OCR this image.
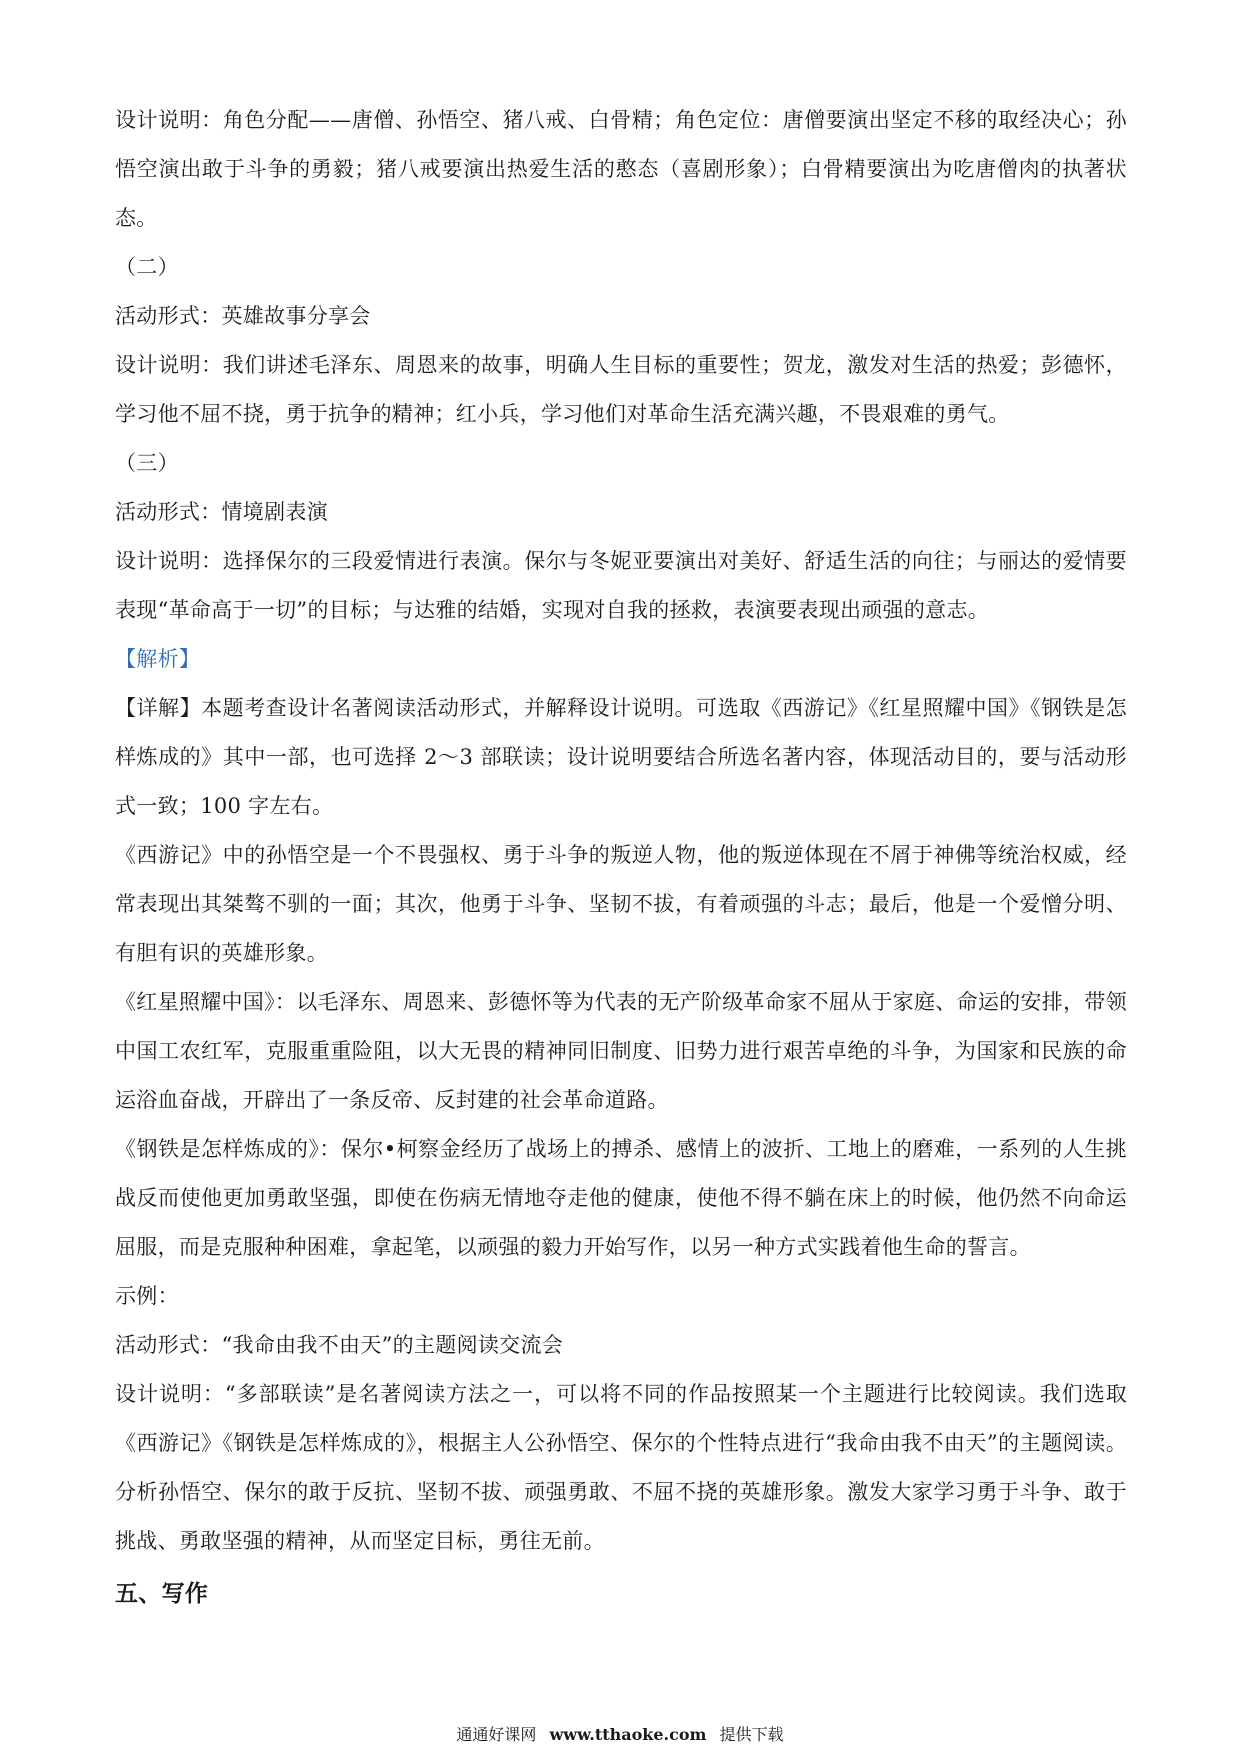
设计说明：角色分配——唐僧、孙悟空、猪八戒、白骨精；角色定位：唐僧要演出坚定不移的取经决心；孙悟空演出敢于斗争的勇毅；猪八戒要演出热爱生活的憨态（喜剧形象）；白骨精要演出为吃唐僧肉的执著状态。

（二）

活动形式：英雄故事分享会

设计说明：我们讲述毛泽东、周恩来的故事，明确人生目标的重要性；贺龙，激发对生活的热爱；彭德怀，学习他不屈不挠，勇于抗争的精神；红小兵，学习他们对革命生活充满兴趣，不畏艰难的勇气。

（三）

活动形式：情境剧表演

设计说明：选择保尔的三段爱情进行表演。保尔与冬妮亚要演出对美好、舒适生活的向往；与丽达的爱情要表现“革命高于一切”的目标；与达雅的结婚，实现对自我的拯救，表演要表现出顽强的意志。

【解析】

【详解】本题考查设计名著阅读活动形式，并解释设计说明。可选取《西游记》《红星照耀中国》《钢铁是怎样炼成的》其中一部，也可选择 2～3 部联读；设计说明要结合所选名著内容，体现活动目的，要与活动形式一致；100 字左右。

《西游记》中的孙悟空是一个不畏强权、勇于斗争的叛逆人物，他的叛逆体现在不屑于神佛等统治权威，经常表现出其桀骜不驯的一面；其次，他勇于斗争、坚韧不拔，有着顽强的斗志；最后，他是一个爱憎分明、有胆有识的英雄形象。

《红星照耀中国》：以毛泽东、周恩来、彭德怀等为代表的无产阶级革命家不屈从于家庭、命运的安排，带领中国工农红军，克服重重险阻，以大无畏的精神同旧制度、旧势力进行艰苦卓绝的斗争，为国家和民族的命运浴血奋战，开辟出了一条反帝、反封建的社会革命道路。

《钢铁是怎样炼成的》：保尔•柯察金经历了战场上的搏杀、感情上的波折、工地上的磨难，一系列的人生挑战反而使他更加勇敢坚强，即使在伤病无情地夺走他的健康，使他不得不躺在床上的时候，他仍然不向命运屈服，而是克服种种困难，拿起笔，以顽强的毅力开始写作，以另一种方式实践着他生命的誓言。

示例：

活动形式：“我命由我不由天”的主题阅读交流会

设计说明：“多部联读”是名著阅读方法之一，可以将不同的作品按照某一个主题进行比较阅读。我们选取《西游记》《钢铁是怎样炼成的》，根据主人公孙悟空、保尔的个性特点进行“我命由我不由天”的主题阅读。分析孙悟空、保尔的敢于反抗、坚韧不拔、顽强勇敢、不屈不挠的英雄形象。激发大家学习勇于斗争、敢于挑战、勇敢坚强的精神，从而坚定目标，勇往无前。

五、写作

通通好课网 www.tthaoke.com 提供下载
